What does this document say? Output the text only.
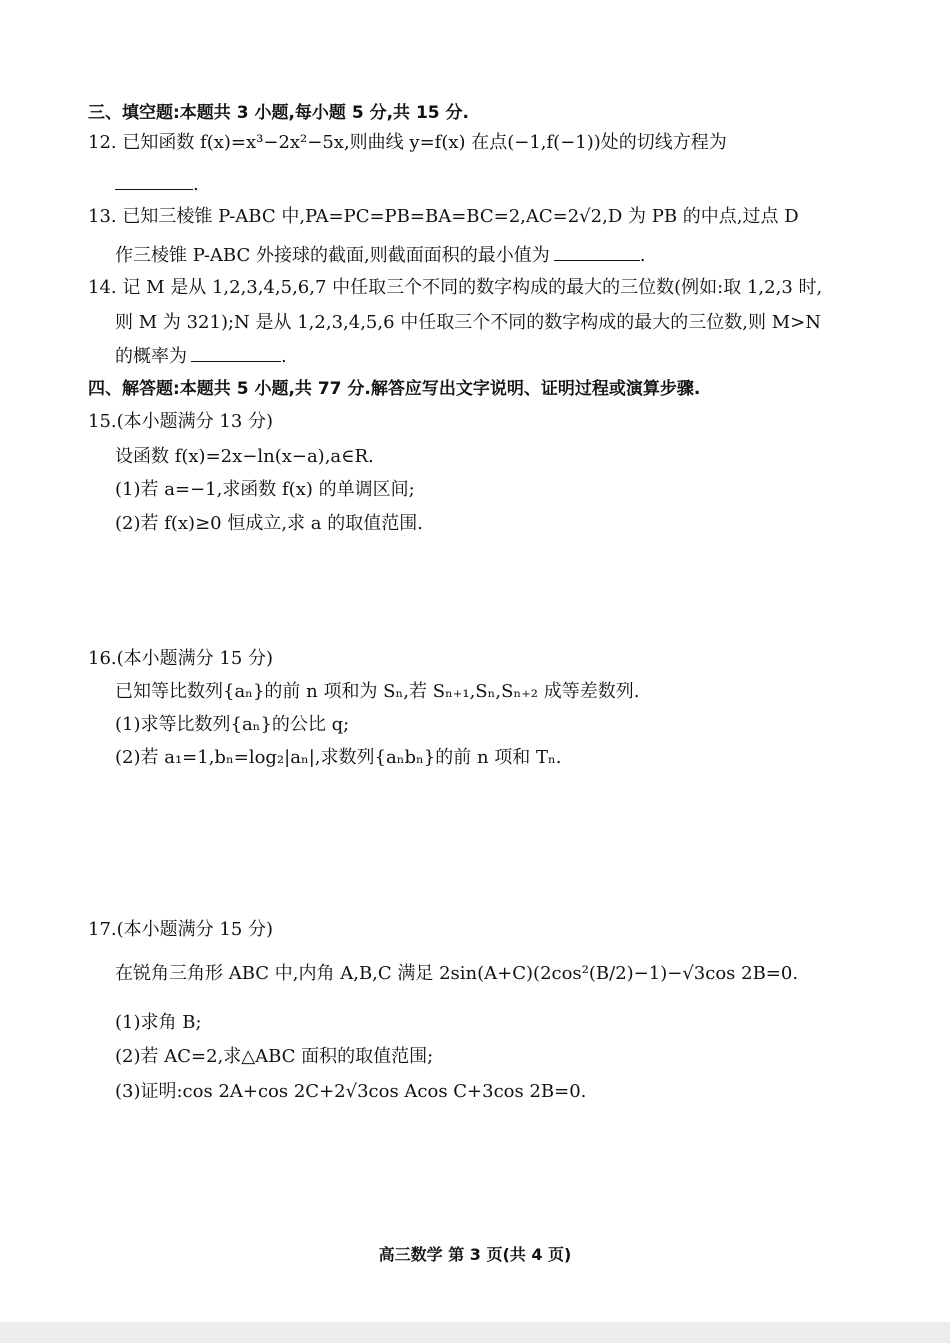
三、填空题:本题共 3 小题,每小题 5 分,共 15 分.
12. 已知函数 f(x)=x³−2x²−5x,则曲线 y=f(x) 在点(−1,f(−1))处的切线方程为
.
13. 已知三棱锥 P-ABC 中,PA=PC=PB=BA=BC=2,AC=2√2,D 为 PB 的中点,过点 D
作三棱锥 P-ABC 外接球的截面,则截面面积的最小值为	.
14. 记 M 是从 1,2,3,4,5,6,7 中任取三个不同的数字构成的最大的三位数(例如:取 1,2,3 时,
则 M 为 321);N 是从 1,2,3,4,5,6 中任取三个不同的数字构成的最大的三位数,则 M>N
的概率为	.
四、解答题:本题共 5 小题,共 77 分.解答应写出文字说明、证明过程或演算步骤.
15.(本小题满分 13 分)
设函数 f(x)=2x−ln(x−a),a∈R.
(1)若 a=−1,求函数 f(x) 的单调区间;
(2)若 f(x)≥0 恒成立,求 a 的取值范围.
16.(本小题满分 15 分)
已知等比数列{aₙ}的前 n 项和为 Sₙ,若 Sₙ₊₁,Sₙ,Sₙ₊₂ 成等差数列.
(1)求等比数列{aₙ}的公比 q;
(2)若 a₁=1,bₙ=log₂|aₙ|,求数列{aₙbₙ}的前 n 项和 Tₙ.
17.(本小题满分 15 分)
在锐角三角形 ABC 中,内角 A,B,C 满足 2sin(A+C)(2cos²(B/2)−1)−√3cos 2B=0.
(1)求角 B;
(2)若 AC=2,求△ABC 面积的取值范围;
(3)证明:cos 2A+cos 2C+2√3cos Acos C+3cos 2B=0.
高三数学 第 3 页(共 4 页)
